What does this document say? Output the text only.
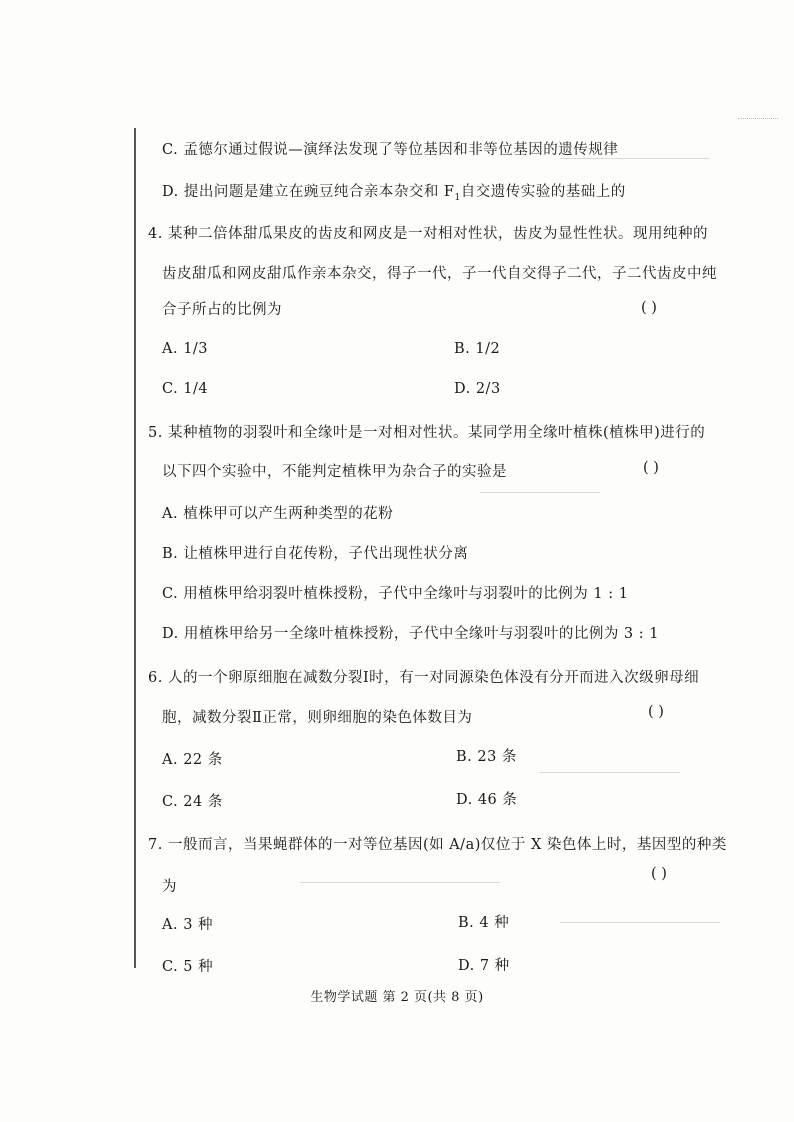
C. 孟德尔通过假说—演绎法发现了等位基因和非等位基因的遗传规律
D. 提出问题是建立在豌豆纯合亲本杂交和 $F_1$自交遗传实验的基础上的
4. 某种二倍体甜瓜果皮的齿皮和网皮是一对相对性状，齿皮为显性性状。现用纯种的
齿皮甜瓜和网皮甜瓜作亲本杂交，得子一代，子一代自交得子二代，子二代齿皮中纯
合子所占的比例为	( )
A. 1/3	B. 1/2
C. 1/4	D. 2/3
5. 某种植物的羽裂叶和全缘叶是一对相对性状。某同学用全缘叶植株(植株甲)进行的
以下四个实验中，不能判定植株甲为杂合子的实验是	( )
A. 植株甲可以产生两种类型的花粉
B. 让植株甲进行自花传粉，子代出现性状分离
C. 用植株甲给羽裂叶植株授粉，子代中全缘叶与羽裂叶的比例为 1 : 1
D. 用植株甲给另一全缘叶植株授粉，子代中全缘叶与羽裂叶的比例为 3 : 1
6. 人的一个卵原细胞在减数分裂Ⅰ时，有一对同源染色体没有分开而进入次级卵母细
胞，减数分裂Ⅱ正常，则卵细胞的染色体数目为	( )
A. 22 条	B. 23 条
C. 24 条	D. 46 条
7. 一般而言，当果蝇群体的一对等位基因(如 A/a)仅位于 X 染色体上时，基因型的种类
为
( )
A. 3 种	B. 4 种
C. 5 种	D. 7 种
生物学试题 第 2 页(共 8 页)
